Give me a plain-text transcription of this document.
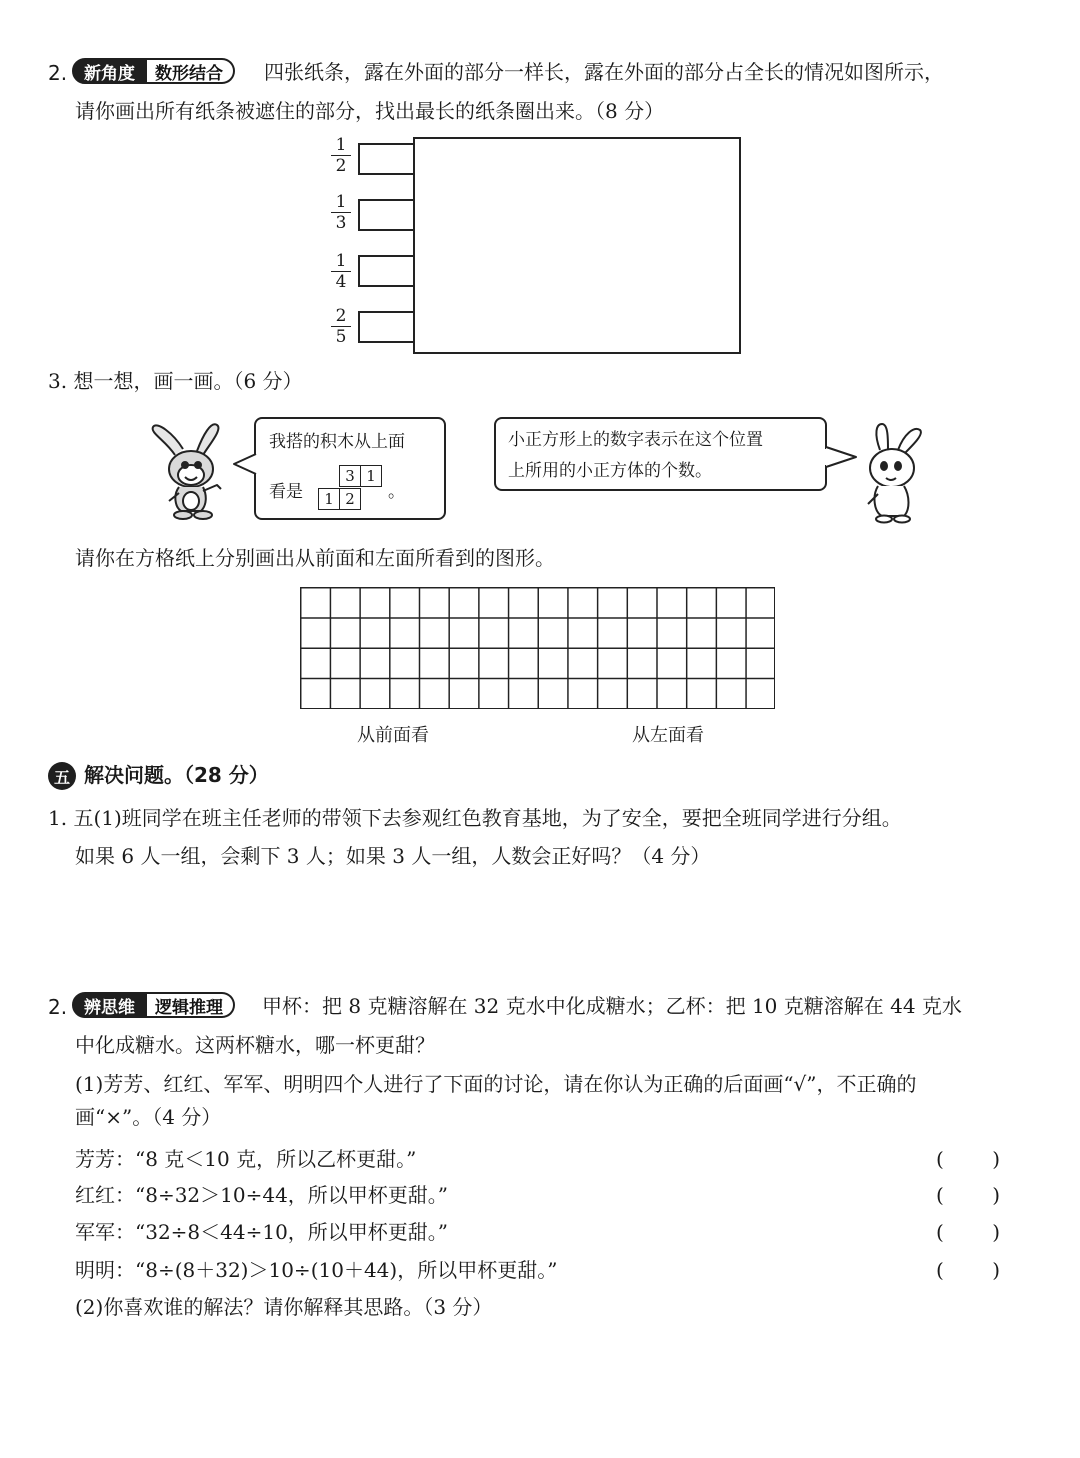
2. 新角度	数形结合	四张纸条，露在外面的部分一样长，露在外面的部分占全长的情况如图所示，
请你画出所有纸条被遮住的部分，找出最长的纸条圈出来。（8 分）
1
2
1
3
1
4
2
5
3. 想一想，画一画。（6 分）
我搭的积木从上面
看是
3 1
1 2	。
小正方形上的数字表示在这个位置
上所用的小正方体的个数。
请你在方格纸上分别画出从前面和左面所看到的图形。
从前面看	从左面看
五 解决问题。（28 分）
1. 五(1)班同学在班主任老师的带领下去参观红色教育基地，为了安全，要把全班同学进行分组。
如果 6 人一组，会剩下 3 人；如果 3 人一组，人数会正好吗？（4 分）
2. 辨思维	逻辑推理	甲杯：把 8 克糖溶解在 32 克水中化成糖水；乙杯：把 10 克糖溶解在 44 克水
中化成糖水。这两杯糖水，哪一杯更甜？
(1)芳芳、红红、军军、明明四个人进行了下面的讨论，请在你认为正确的后面画“√”，不正确的
画“×”。（4 分）
芳芳：“8 克＜10 克，所以乙杯更甜。”	( )
红红：“8÷32＞10÷44，所以甲杯更甜。”	( )
军军：“32÷8＜44÷10，所以甲杯更甜。”	( )
明明：“8÷(8＋32)＞10÷(10＋44)，所以甲杯更甜。”	( )
(2)你喜欢谁的解法？请你解释其思路。（3 分）
